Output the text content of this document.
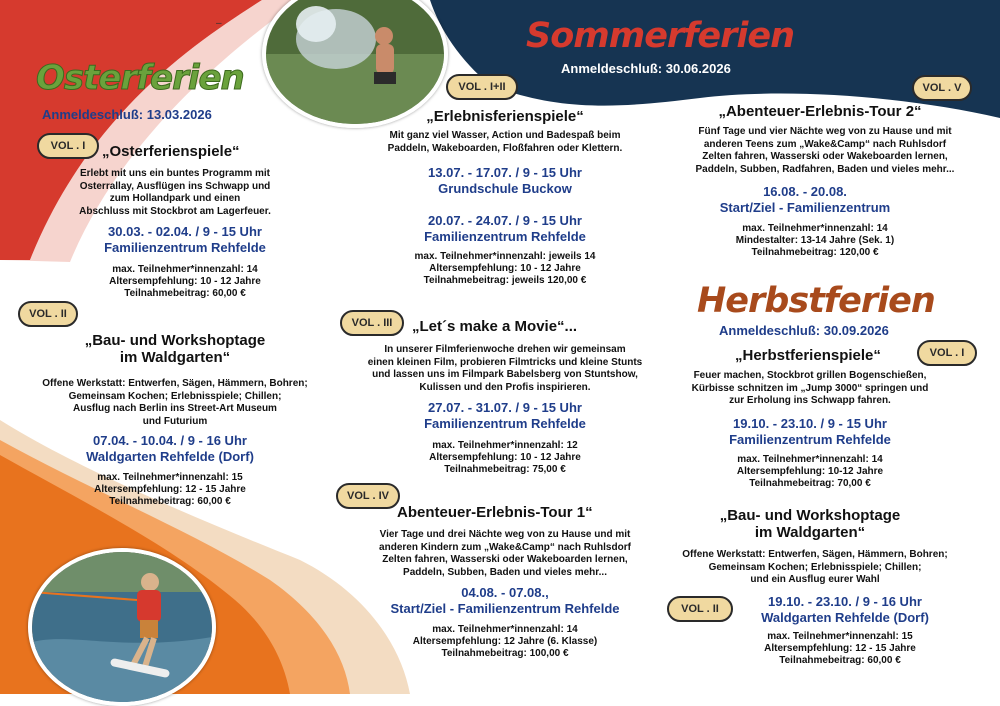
–
Osterferien
Anmeldeschluß: 13.03.2026
VOL . I	„Osterferienspiele“
Erlebt mit uns ein buntes Programm mit
Osterrallay, Ausflügen ins Schwapp und
zum Hollandpark und einen
Abschluss mit Stockbrot am Lagerfeuer.
30.03. - 02.04. / 9 - 15 Uhr
Familienzentrum Rehfelde
max. Teilnehmer*innenzahl: 14
Altersempfehlung: 10 - 12 Jahre
Teilnahmebeitrag: 60,00 €
VOL . II
„Bau- und Workshoptage
im Waldgarten“
Offene Werkstatt: Entwerfen, Sägen, Hämmern, Bohren;
Gemeinsam Kochen; Erlebnisspiele; Chillen;
Ausflug nach Berlin ins Street-Art Museum
und Futurium
07.04. - 10.04. / 9 - 16 Uhr
Waldgarten Rehfelde (Dorf)
max. Teilnehmer*innenzahl: 15
Altersempfehlung: 12 - 15 Jahre
Teilnahmebeitrag: 60,00 €
Sommerferien
Anmeldeschluß: 30.06.2026
VOL . I+II
„Erlebnisferienspiele“
Mit ganz viel Wasser, Action und Badespaß beim
Paddeln, Wakeboarden, Floßfahren oder Klettern.
13.07. - 17.07. / 9 - 15 Uhr
Grundschule Buckow
20.07. - 24.07. / 9 - 15 Uhr
Familienzentrum Rehfelde
max. Teilnehmer*innenzahl: jeweils 14
Altersempfehlung: 10 - 12 Jahre
Teilnahmebeitrag: jeweils 120,00 €
VOL . III	„Let´s make a Movie“...
In unserer Filmferienwoche drehen wir gemeinsam
einen kleinen Film, probieren Filmtricks und kleine Stunts
und lassen uns im Filmpark Babelsberg von Stuntshow,
Kulissen und den Profis inspirieren.
27.07. - 31.07. / 9 - 15 Uhr
Familienzentrum Rehfelde
max. Teilnehmer*innenzahl: 12
Altersempfehlung: 10 - 12 Jahre
Teilnahmebeitrag: 75,00 €
VOL . IV
Abenteuer-Erlebnis-Tour 1“
Vier Tage und drei Nächte weg von zu Hause und mit
anderen Kindern zum „Wake&Camp“ nach Ruhlsdorf
Zelten fahren, Wasserski oder Wakeboarden lernen,
Paddeln, Subben, Baden und vieles mehr...
04.08. - 07.08.,
Start/Ziel - Familienzentrum Rehfelde
max. Teilnehmer*innenzahl: 14
Altersempfehlung: 12 Jahre (6. Klasse)
Teilnahmebeitrag: 100,00 €
VOL . V
„Abenteuer-Erlebnis-Tour 2“
Fünf Tage und vier Nächte weg von zu Hause und mit
anderen Teens zum „Wake&Camp“ nach Ruhlsdorf
Zelten fahren, Wasserski oder Wakeboarden lernen,
Paddeln, Subben, Radfahren, Baden und vieles mehr...
16.08. - 20.08.
Start/Ziel - Familienzentrum
max. Teilnehmer*innenzahl: 14
Mindestalter: 13-14 Jahre (Sek. 1)
Teilnahmebeitrag: 120,00 €
Herbstferien
Anmeldeschluß: 30.09.2026
VOL . I
„Herbstferienspiele“
Feuer machen, Stockbrot grillen Bogenschießen,
Kürbisse schnitzen im „Jump 3000“ springen und
zur Erholung ins Schwapp fahren.
19.10. - 23.10. / 9 - 15 Uhr
Familienzentrum Rehfelde
max. Teilnehmer*innenzahl: 14
Altersempfehlung: 10-12 Jahre
Teilnahmebeitrag: 70,00 €
„Bau- und Workshoptage
im Waldgarten“
Offene Werkstatt: Entwerfen, Sägen, Hämmern, Bohren;
Gemeinsam Kochen; Erlebnisspiele; Chillen;
und ein Ausflug eurer Wahl
VOL . II	19.10. - 23.10. / 9 - 16 Uhr
Waldgarten Rehfelde (Dorf)
max. Teilnehmer*innenzahl: 15
Altersempfehlung: 12 - 15 Jahre
Teilnahmebeitrag: 60,00 €
